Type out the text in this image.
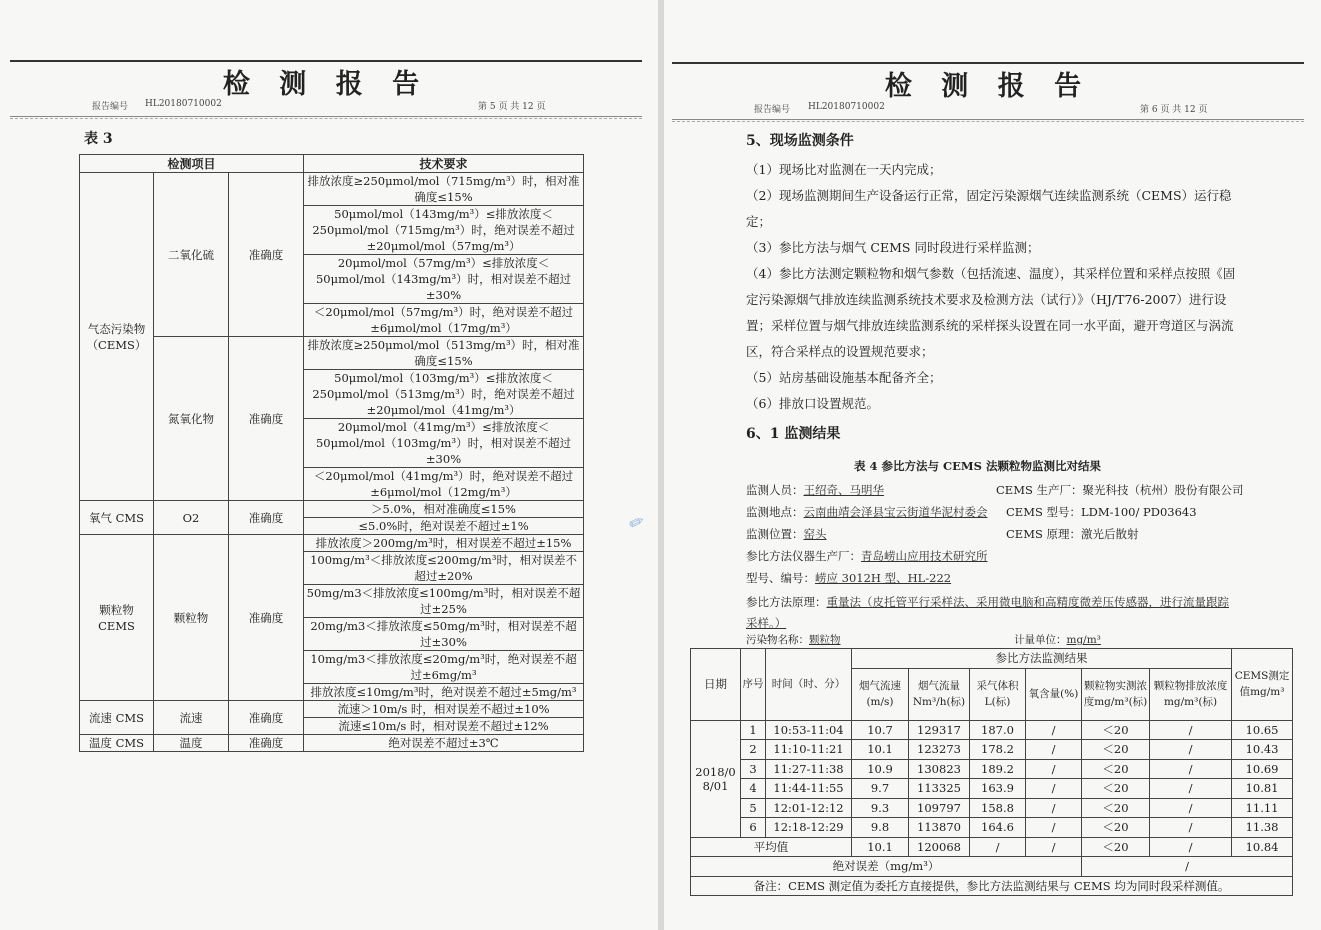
检 测 报 告
报告编号 HL20180710002	第 5 页 共 12 页
表 3
检测项目			技术要求
气态污染物（CEMS）	二氧化硫	准确度	排放浓度≥250μmol/mol（715mg/m³）时，相对准确度≤15%
			50μmol/mol（143mg/m³）≤排放浓度＜250μmol/mol（715mg/m³）时，绝对误差不超过±20μmol/mol（57mg/m³）
			20μmol/mol（57mg/m³）≤排放浓度＜50μmol/mol（143mg/m³）时，相对误差不超过±30%
			＜20μmol/mol（57mg/m³）时，绝对误差不超过±6μmol/mol（17mg/m³）
	氮氧化物	准确度	排放浓度≥250μmol/mol（513mg/m³）时，相对准确度≤15%
			50μmol/mol（103mg/m³）≤排放浓度＜250μmol/mol（513mg/m³）时，绝对误差不超过±20μmol/mol（41mg/m³）
			20μmol/mol（41mg/m³）≤排放浓度＜50μmol/mol（103mg/m³）时，相对误差不超过±30%
			＜20μmol/mol（41mg/m³）时，绝对误差不超过±6μmol/mol（12mg/m³）
氧气 CMS	O2	准确度	＞5.0%，相对准确度≤15%
			≤5.0%时，绝对误差不超过±1%
颗粒物CEMS	颗粒物	准确度	排放浓度＞200mg/m³时，相对误差不超过±15%
			100mg/m³＜排放浓度≤200mg/m³时，相对误差不超过±20%
			50mg/m3＜排放浓度≤100mg/m³时，相对误差不超过±25%
			20mg/m3＜排放浓度≤50mg/m³时，相对误差不超过±30%
			10mg/m3＜排放浓度≤20mg/m³时，绝对误差不超过±6mg/m³
			排放浓度≤10mg/m³时，绝对误差不超过±5mg/m³
流速 CMS	流速	准确度	流速＞10m/s 时，相对误差不超过±10%
			流速≤10m/s 时，相对误差不超过±12%
温度 CMS	温度	准确度	绝对误差不超过±3℃
检 测 报 告
报告编号 HL20180710002	第 6 页 共 12 页
5、现场监测条件
（1）现场比对监测在一天内完成；
（2）现场监测期间生产设备运行正常，固定污染源烟气连续监测系统（CEMS）运行稳定；
（3）参比方法与烟气 CEMS 同时段进行采样监测；
（4）参比方法测定颗粒物和烟气参数（包括流速、温度），其采样位置和采样点按照《固定污染源烟气排放连续监测系统技术要求及检测方法（试行）》（HJ/T76-2007）进行设置；采样位置与烟气排放连续监测系统的采样探头设置在同一水平面，避开弯道区与涡流区，符合采样点的设置规范要求；
（5）站房基础设施基本配备齐全；
（6）排放口设置规范。
6、1 监测结果
表 4 参比方法与 CEMS 法颗粒物监测比对结果
监测人员：王绍奇、马明华	CEMS 生产厂：聚光科技（杭州）股份有限公司
监测地点：云南曲靖会泽县宝云街道华泥村委会 CEMS 型号：LDM-100/ PD03643
监测位置：窑头	CEMS 原理：激光后散射
参比方法仪器生产厂：青岛崂山应用技术研究所
型号、编号：崂应 3012H 型、HL-222
参比方法原理：重量法（皮托管平行采样法、采用微电脑和高精度微差压传感器，进行流量跟踪采样。）
污染物名称：颗粒物	计量单位：mg/m³
日期	序号	时间（时、分）	参比方法监测结果						CEMS测定值mg/m³
			烟气流速(m/s)	烟气流量Nm³/h(标)	采气体积L(标)	氧含量(%)	颗粒物实测浓度mg/m³(标)	颗粒物排放浓度mg/m³(标)	
2018/08/01	1	10:53-11:04	10.7	129317	187.0	/	＜20	/	10.65
	2	11:10-11:21	10.1	123273	178.2	/	＜20	/	10.43
	3	11:27-11:38	10.9	130823	189.2	/	＜20	/	10.69
	4	11:44-11:55	9.7	113325	163.9	/	＜20	/	10.81
	5	12:01-12:12	9.3	109797	158.8	/	＜20	/	11.11
	6	12:18-12:29	9.8	113870	164.6	/	＜20	/	11.38
平均值			10.1	120068	/	/	＜20	/	10.84
绝对误差（mg/m³）							/		
备注：CEMS 测定值为委托方直接提供，参比方法监测结果与 CEMS 均为同时段采样测值。									
✎
